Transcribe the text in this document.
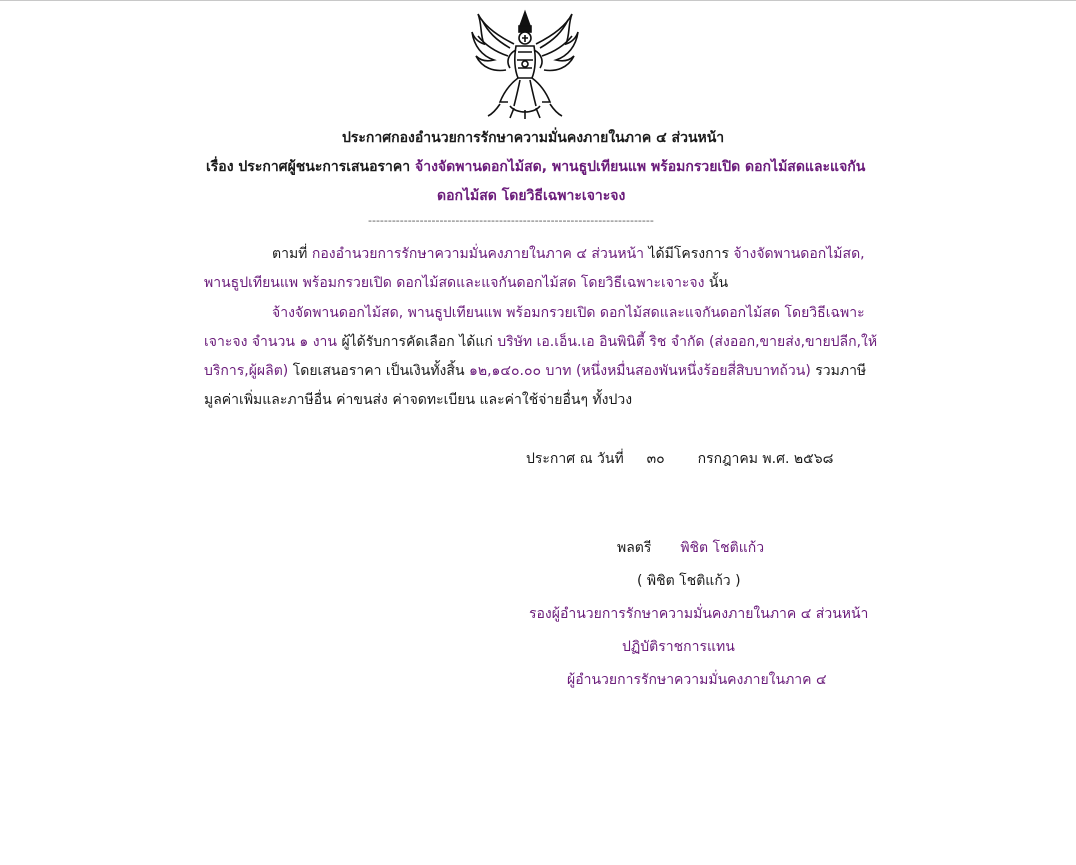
ประกาศกองอำนวยการรักษาความมั่นคงภายในภาค ๔ ส่วนหน้า
เรื่อง ประกาศผู้ชนะการเสนอราคา จ้างจัดพานดอกไม้สด, พานธูปเทียนแพ พร้อมกรวยเปิด ดอกไม้สดและแจกัน
ดอกไม้สด โดยวิธีเฉพาะเจาะจง
------------------------------------------------------------------------
ตามที่ กองอำนวยการรักษาความมั่นคงภายในภาค ๔ ส่วนหน้า ได้มีโครงการ จ้างจัดพานดอกไม้สด,
พานธูปเทียนแพ พร้อมกรวยเปิด ดอกไม้สดและแจกันดอกไม้สด โดยวิธีเฉพาะเจาะจง นั้น
จ้างจัดพานดอกไม้สด, พานธูปเทียนแพ พร้อมกรวยเปิด ดอกไม้สดและแจกันดอกไม้สด โดยวิธีเฉพาะ
เจาะจง จำนวน ๑ งาน ผู้ได้รับการคัดเลือก ได้แก่ บริษัท เอ.เอ็น.เอ อินพินิตี้ ริช จำกัด (ส่งออก,ขายส่ง,ขายปลีก,ให้
บริการ,ผู้ผลิต) โดยเสนอราคา เป็นเงินทั้งสิ้น ๑๒,๑๔๐.๐๐ บาท (หนึ่งหมื่นสองพันหนึ่งร้อยสี่สิบบาทถ้วน) รวมภาษี
มูลค่าเพิ่มและภาษีอื่น ค่าขนส่ง ค่าจดทะเบียน และค่าใช้จ่ายอื่นๆ ทั้งปวง
ประกาศ ณ วันที่ ๓๐ กรกฎาคม พ.ศ. ๒๕๖๘
พลตรี พิชิต โชติแก้ว
( พิชิต โชติแก้ว )
รองผู้อำนวยการรักษาความมั่นคงภายในภาค ๔ ส่วนหน้า
ปฏิบัติราชการแทน
ผู้อำนวยการรักษาความมั่นคงภายในภาค ๔
